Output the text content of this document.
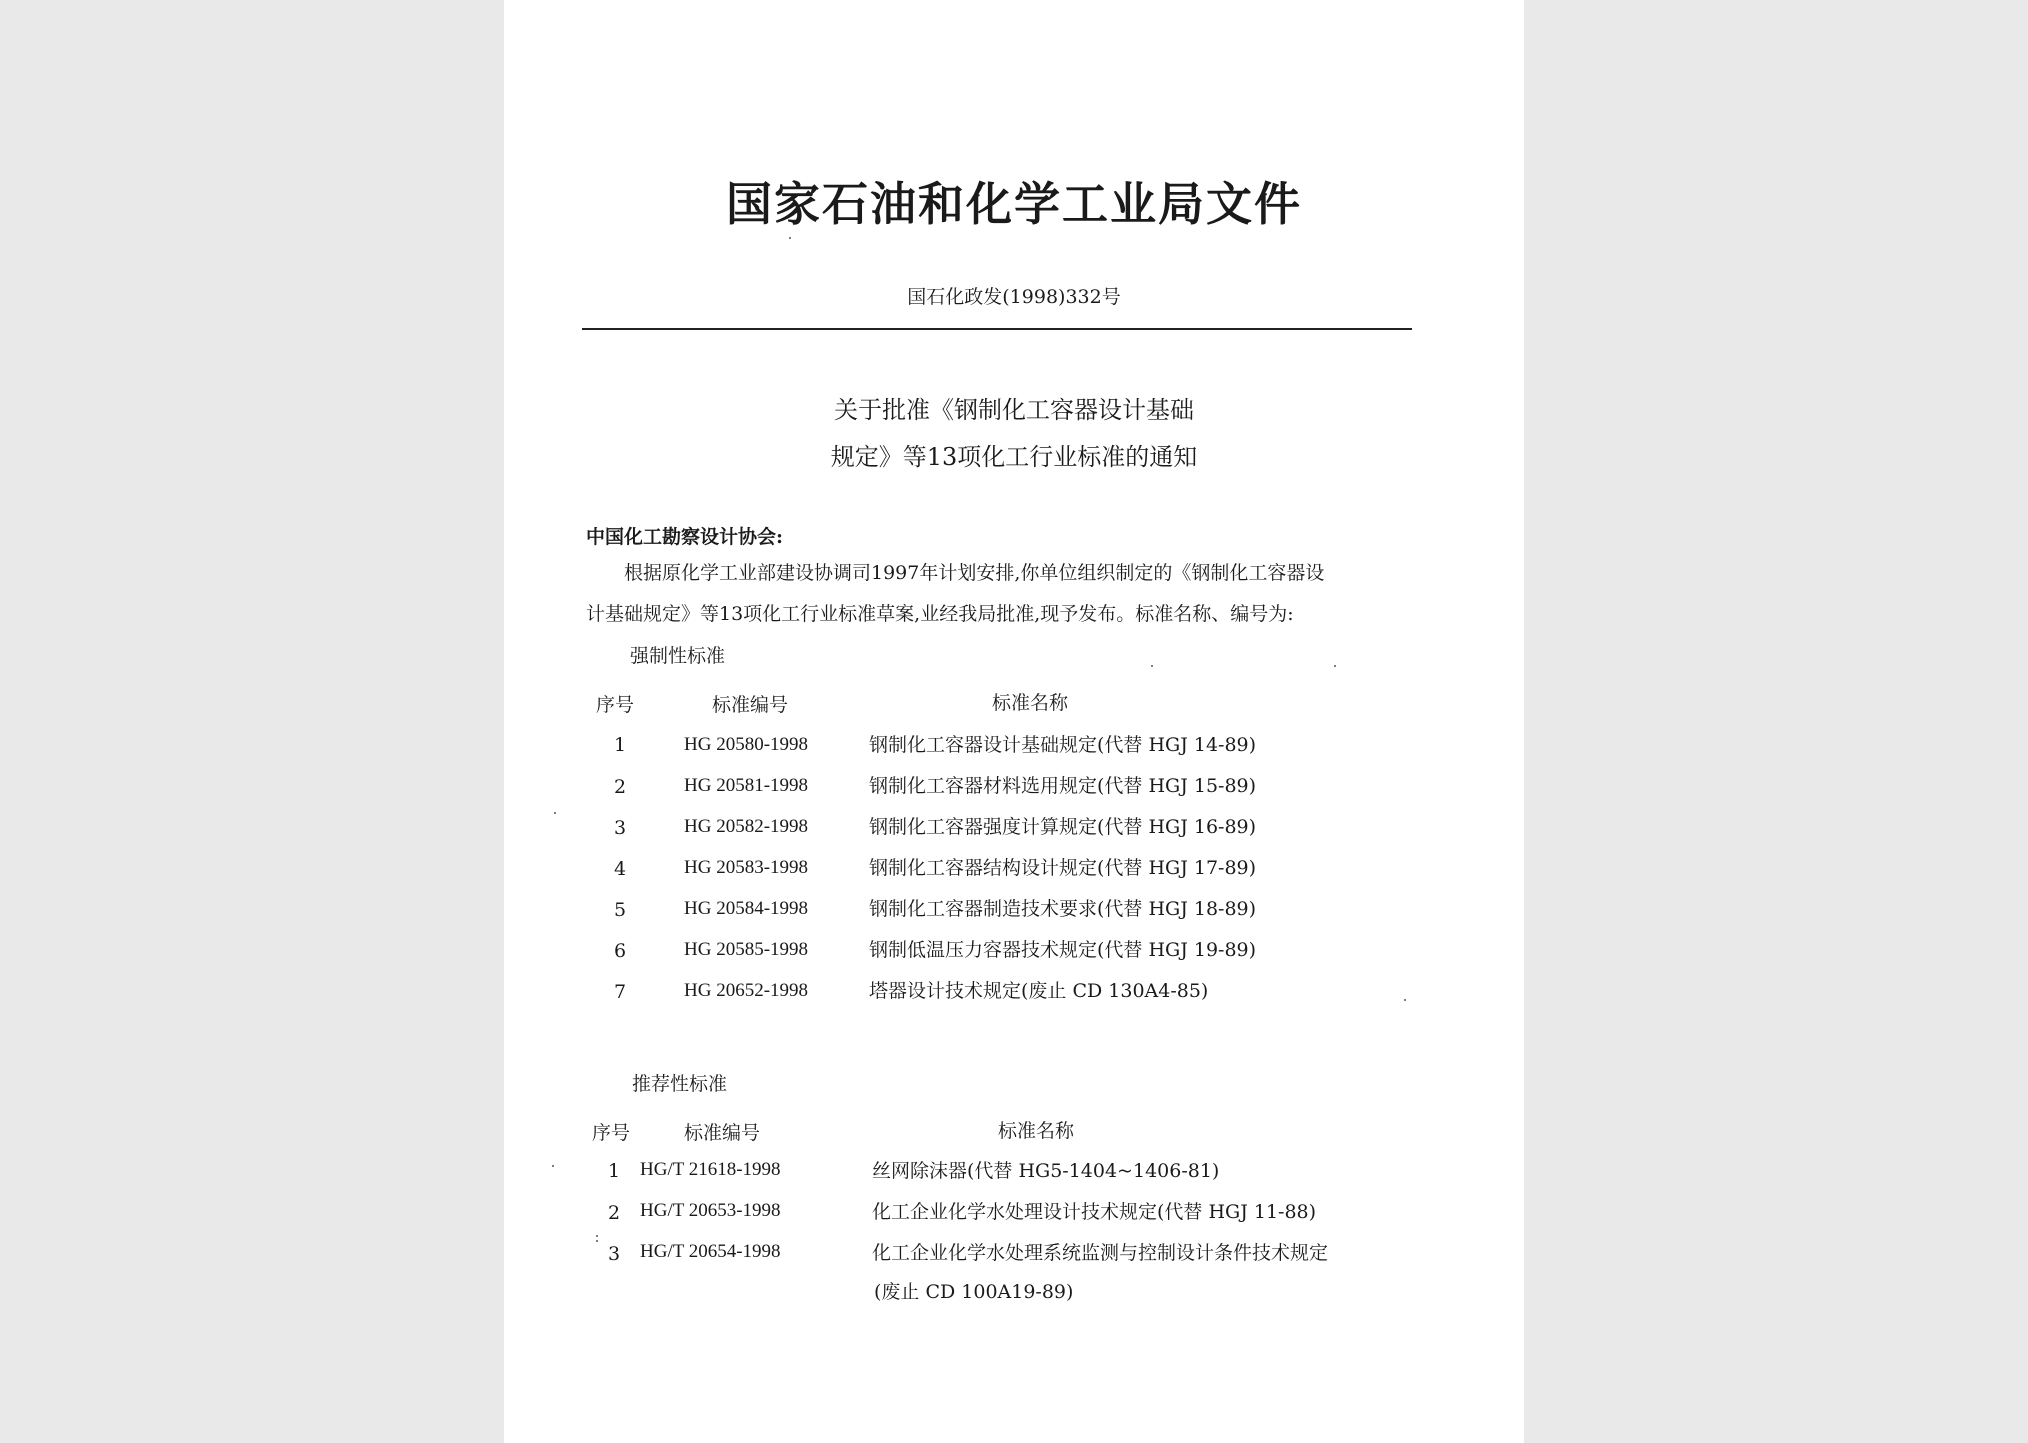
国家石油和化学工业局文件
国石化政发(1998)332号
关于批准《钢制化工容器设计基础
规定》等13项化工行业标准的通知
中国化工勘察设计协会:
根据原化学工业部建设协调司1997年计划安排,你单位组织制定的《钢制化工容器设
计基础规定》等13项化工行业标准草案,业经我局批准,现予发布。标准名称、编号为:
强制性标准
序号	标准编号	标准名称
1	HG 20580-1998	钢制化工容器设计基础规定(代替 HGJ 14-89)
2	HG 20581-1998	钢制化工容器材料选用规定(代替 HGJ 15-89)
3	HG 20582-1998	钢制化工容器强度计算规定(代替 HGJ 16-89)
4	HG 20583-1998	钢制化工容器结构设计规定(代替 HGJ 17-89)
5	HG 20584-1998	钢制化工容器制造技术要求(代替 HGJ 18-89)
6	HG 20585-1998	钢制低温压力容器技术规定(代替 HGJ 19-89)
7	HG 20652-1998	塔器设计技术规定(废止 CD 130A4-85)
推荐性标准
序号	标准编号	标准名称
1 HG/T 21618-1998	丝网除沫器(代替 HG5-1404~1406-81)
2 HG/T 20653-1998	化工企业化学水处理设计技术规定(代替 HGJ 11-88)
3 HG/T 20654-1998	化工企业化学水处理系统监测与控制设计条件技术规定
(废止 CD 100A19-89)
